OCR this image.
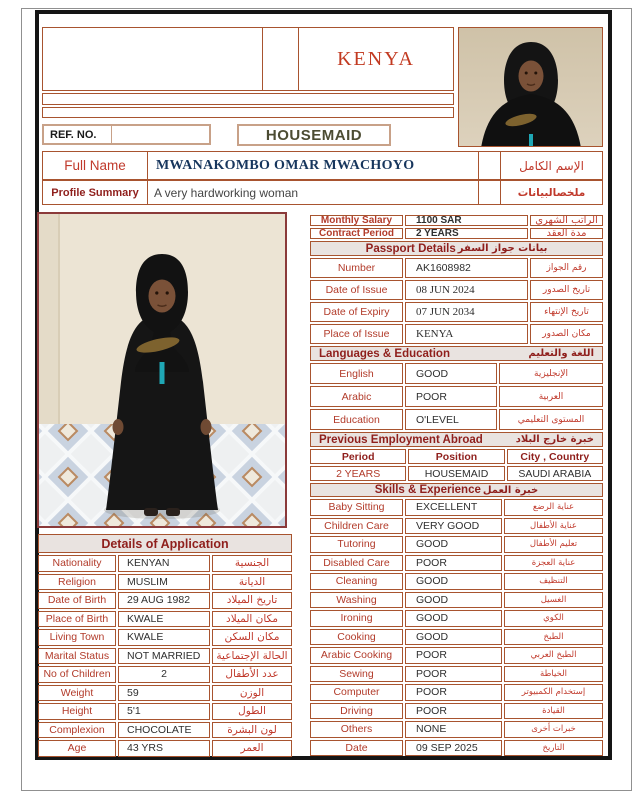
KENYA
REF. NO.	HOUSEMAID
Full Name	MWANAKOMBO OMAR MWACHOYO	الإسم الكامل
Profile Summary	A very hardworking woman	ملخصالبيانات
Details of Application
Nationality	KENYAN	الجنسية
Religion	MUSLIM	الديانة
Date of Birth	29 AUG 1982	تاريخ الميلاد
Place of Birth	KWALE	مكان الميلاد
Living Town	KWALE	مكان السكن
Marital Status	NOT MARRIED	الحالة الإجتماعية
No of Children	2	عدد الأطفال
Weight	59	الوزن
Height	5'1	الطول
Complexion	CHOCOLATE	لون البشرة
Age	43 YRS	العمر
Monthly Salary	1100 SAR	الراتب الشهري
Contract Period	2 YEARS	مدة العقد
Passport Details بيانات جواز السفر
Number	AK1608982	رقم الجواز
Date of Issue	08 JUN 2024	تاريخ الصدور
Date of Expiry	07 JUN 2034	تاريخ الإنتهاء
Place of Issue	KENYA	مكان الصدور
Languages & Education	اللغة والتعليم
English	GOOD	الإنجليزية
Arabic	POOR	العربية
Education	O'LEVEL	المستوى التعليمي
Previous Employment Abroad	خبرة خارج البلاد
Period	Position	City , Country
2 YEARS	HOUSEMAID	SAUDI ARABIA
Skills & Experience خبرة العمل
Baby Sitting	EXCELLENT	عناية الرضع
Children Care	VERY GOOD	عناية الأطفال
Tutoring	GOOD	تعليم الأطفال
Disabled Care	POOR	عناية العجزة
Cleaning	GOOD	التنظيف
Washing	GOOD	الغسيل
Ironing	GOOD	الكوي
Cooking	GOOD	الطبخ
Arabic Cooking	POOR	الطبخ العربي
Sewing	POOR	الخياطة
Computer	POOR	إستخدام الكمبيوتر
Driving	POOR	القيادة
Others	NONE	خبرات أخرى
Date	09 SEP 2025	التاريخ
